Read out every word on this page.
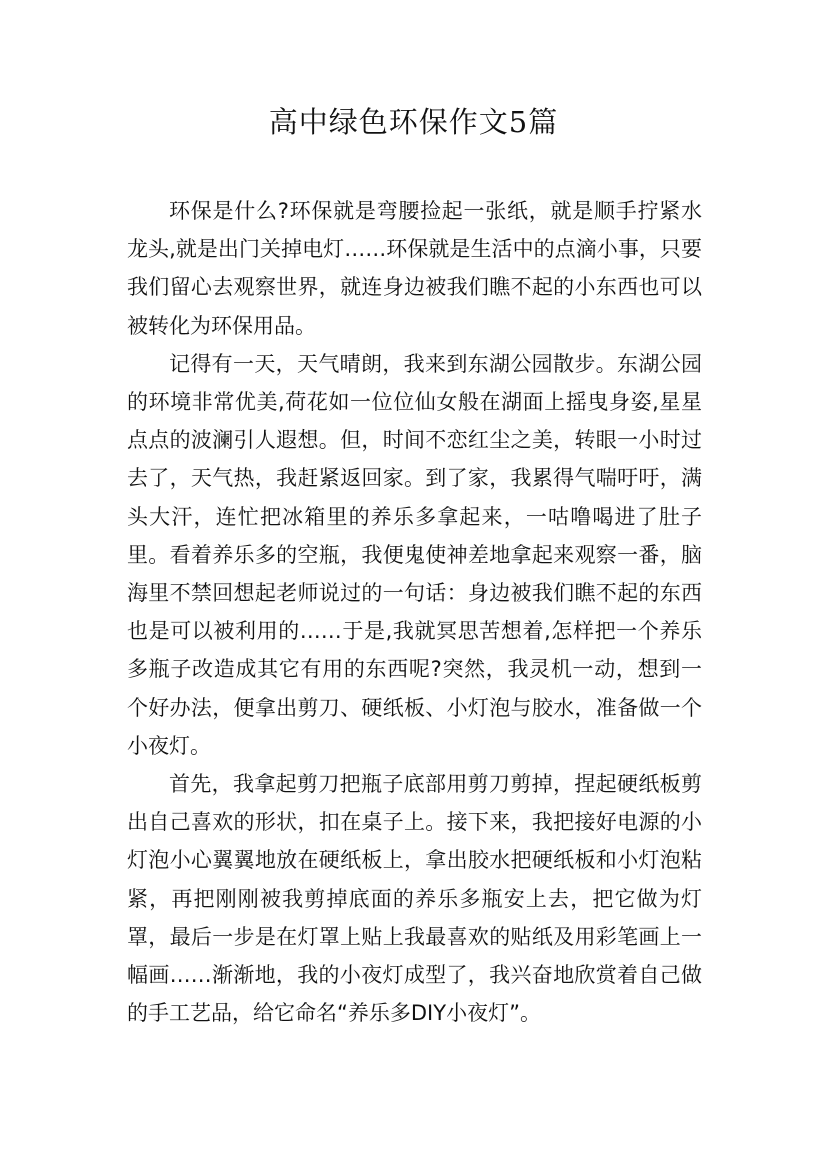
高中绿色环保作文5篇

环保是什么?环保就是弯腰捡起一张纸，就是顺手拧紧水龙头,就是出门关掉电灯……环保就是生活中的点滴小事，只要我们留心去观察世界，就连身边被我们瞧不起的小东西也可以被转化为环保用品。

记得有一天，天气晴朗，我来到东湖公园散步。东湖公园的环境非常优美,荷花如一位位仙女般在湖面上摇曳身姿,星星点点的波澜引人遐想。但，时间不恋红尘之美，转眼一小时过去了，天气热，我赶紧返回家。到了家，我累得气喘吁吁，满头大汗，连忙把冰箱里的养乐多拿起来，一咕噜喝进了肚子里。看着养乐多的空瓶，我便鬼使神差地拿起来观察一番，脑海里不禁回想起老师说过的一句话：身边被我们瞧不起的东西也是可以被利用的……于是,我就冥思苦想着,怎样把一个养乐多瓶子改造成其它有用的东西呢?突然，我灵机一动，想到一个好办法，便拿出剪刀、硬纸板、小灯泡与胶水，准备做一个小夜灯。

首先，我拿起剪刀把瓶子底部用剪刀剪掉，捏起硬纸板剪出自己喜欢的形状，扣在桌子上。接下来，我把接好电源的小灯泡小心翼翼地放在硬纸板上，拿出胶水把硬纸板和小灯泡粘紧，再把刚刚被我剪掉底面的养乐多瓶安上去，把它做为灯罩，最后一步是在灯罩上贴上我最喜欢的贴纸及用彩笔画上一幅画……渐渐地，我的小夜灯成型了，我兴奋地欣赏着自己做的手工艺品，给它命名“养乐多DIY小夜灯”。
